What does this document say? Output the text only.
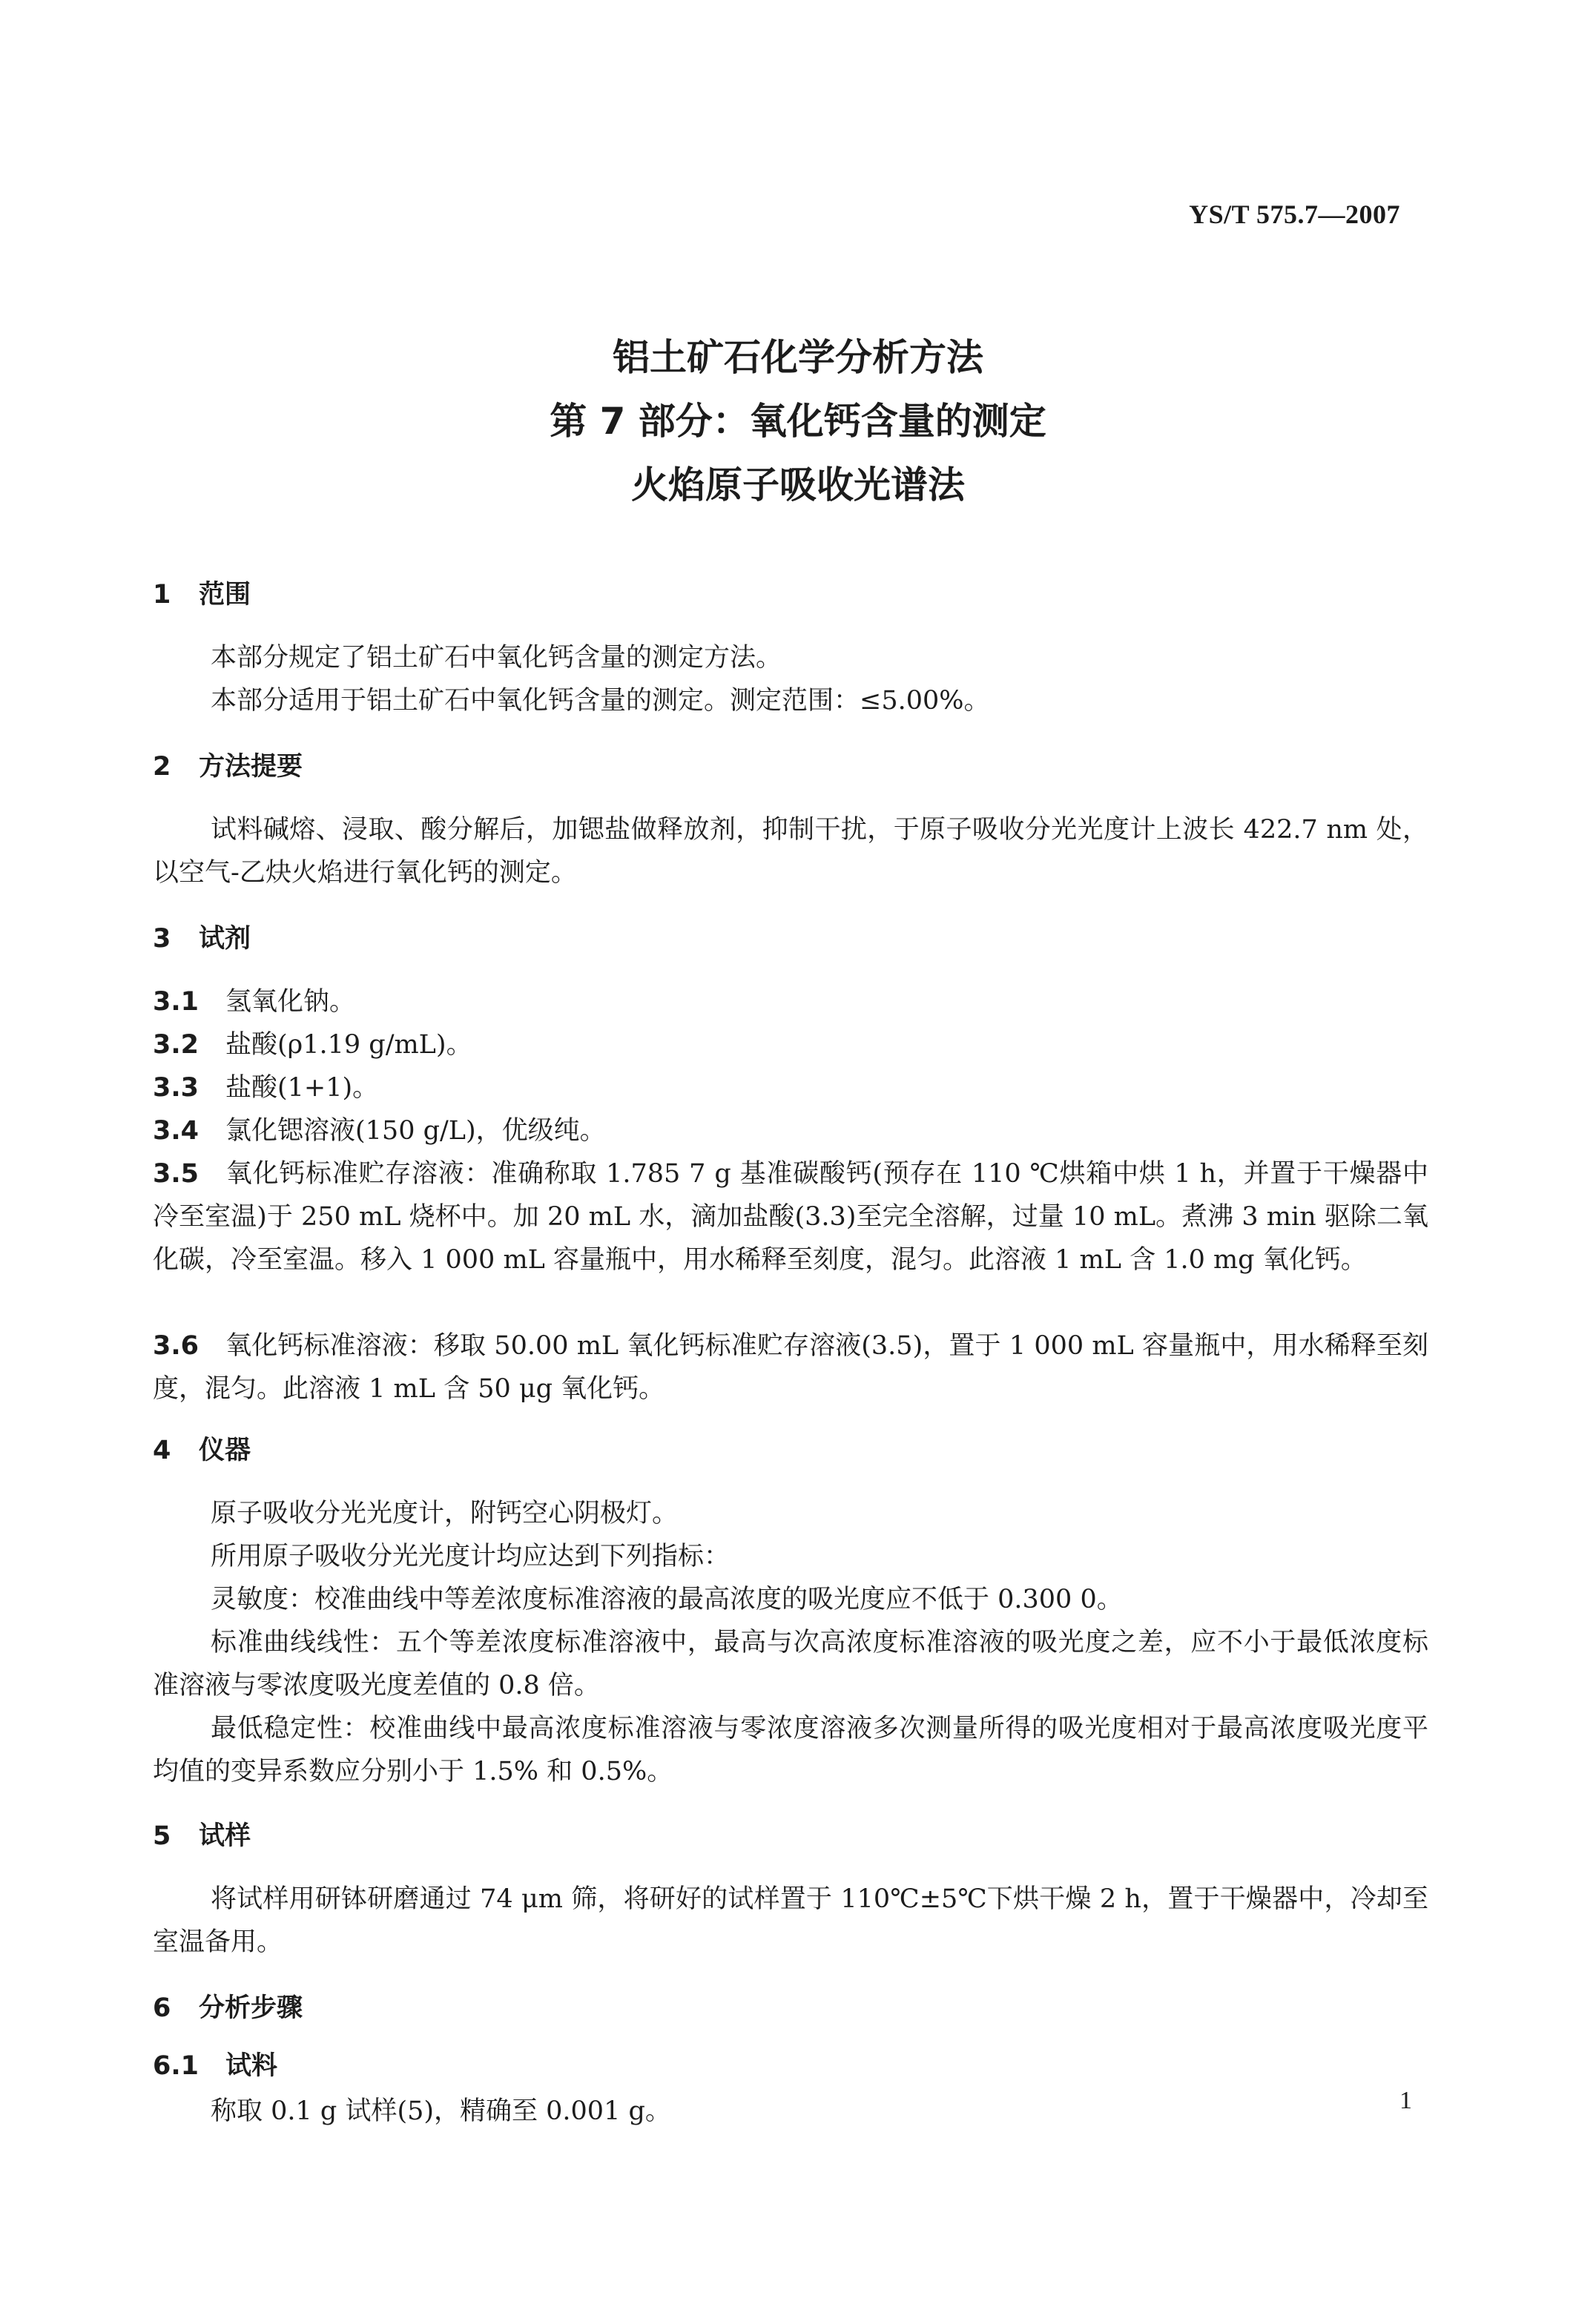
YS/T 575.7—2007
铝土矿石化学分析方法
第 7 部分：氧化钙含量的测定
火焰原子吸收光谱法
1 范围
本部分规定了铝土矿石中氧化钙含量的测定方法。
本部分适用于铝土矿石中氧化钙含量的测定。测定范围：≤5.00%。
2 方法提要
试料碱熔、浸取、酸分解后，加锶盐做释放剂，抑制干扰，于原子吸收分光光度计上波长 422.7 nm 处，以空气-乙炔火焰进行氧化钙的测定。
3 试剂
3.1 氢氧化钠。
3.2 盐酸(ρ1.19 g/mL)。
3.3 盐酸(1+1)。
3.4 氯化锶溶液(150 g/L)，优级纯。
3.5 氧化钙标准贮存溶液：准确称取 1.785 7 g 基准碳酸钙(预存在 110 ℃烘箱中烘 1 h，并置于干燥器中冷至室温)于 250 mL 烧杯中。加 20 mL 水，滴加盐酸(3.3)至完全溶解，过量 10 mL。煮沸 3 min 驱除二氧化碳，冷至室温。移入 1 000 mL 容量瓶中，用水稀释至刻度，混匀。此溶液 1 mL 含 1.0 mg 氧化钙。
3.6 氧化钙标准溶液：移取 50.00 mL 氧化钙标准贮存溶液(3.5)，置于 1 000 mL 容量瓶中，用水稀释至刻度，混匀。此溶液 1 mL 含 50 μg 氧化钙。
4 仪器
原子吸收分光光度计，附钙空心阴极灯。
所用原子吸收分光光度计均应达到下列指标：
灵敏度：校准曲线中等差浓度标准溶液的最高浓度的吸光度应不低于 0.300 0。
标准曲线线性：五个等差浓度标准溶液中，最高与次高浓度标准溶液的吸光度之差，应不小于最低浓度标准溶液与零浓度吸光度差值的 0.8 倍。
最低稳定性：校准曲线中最高浓度标准溶液与零浓度溶液多次测量所得的吸光度相对于最高浓度吸光度平均值的变异系数应分别小于 1.5% 和 0.5%。
5 试样
将试样用研钵研磨通过 74 μm 筛，将研好的试样置于 110℃±5℃下烘干燥 2 h，置于干燥器中，冷却至室温备用。
6 分析步骤
6.1 试料
称取 0.1 g 试样(5)，精确至 0.001 g。	1
